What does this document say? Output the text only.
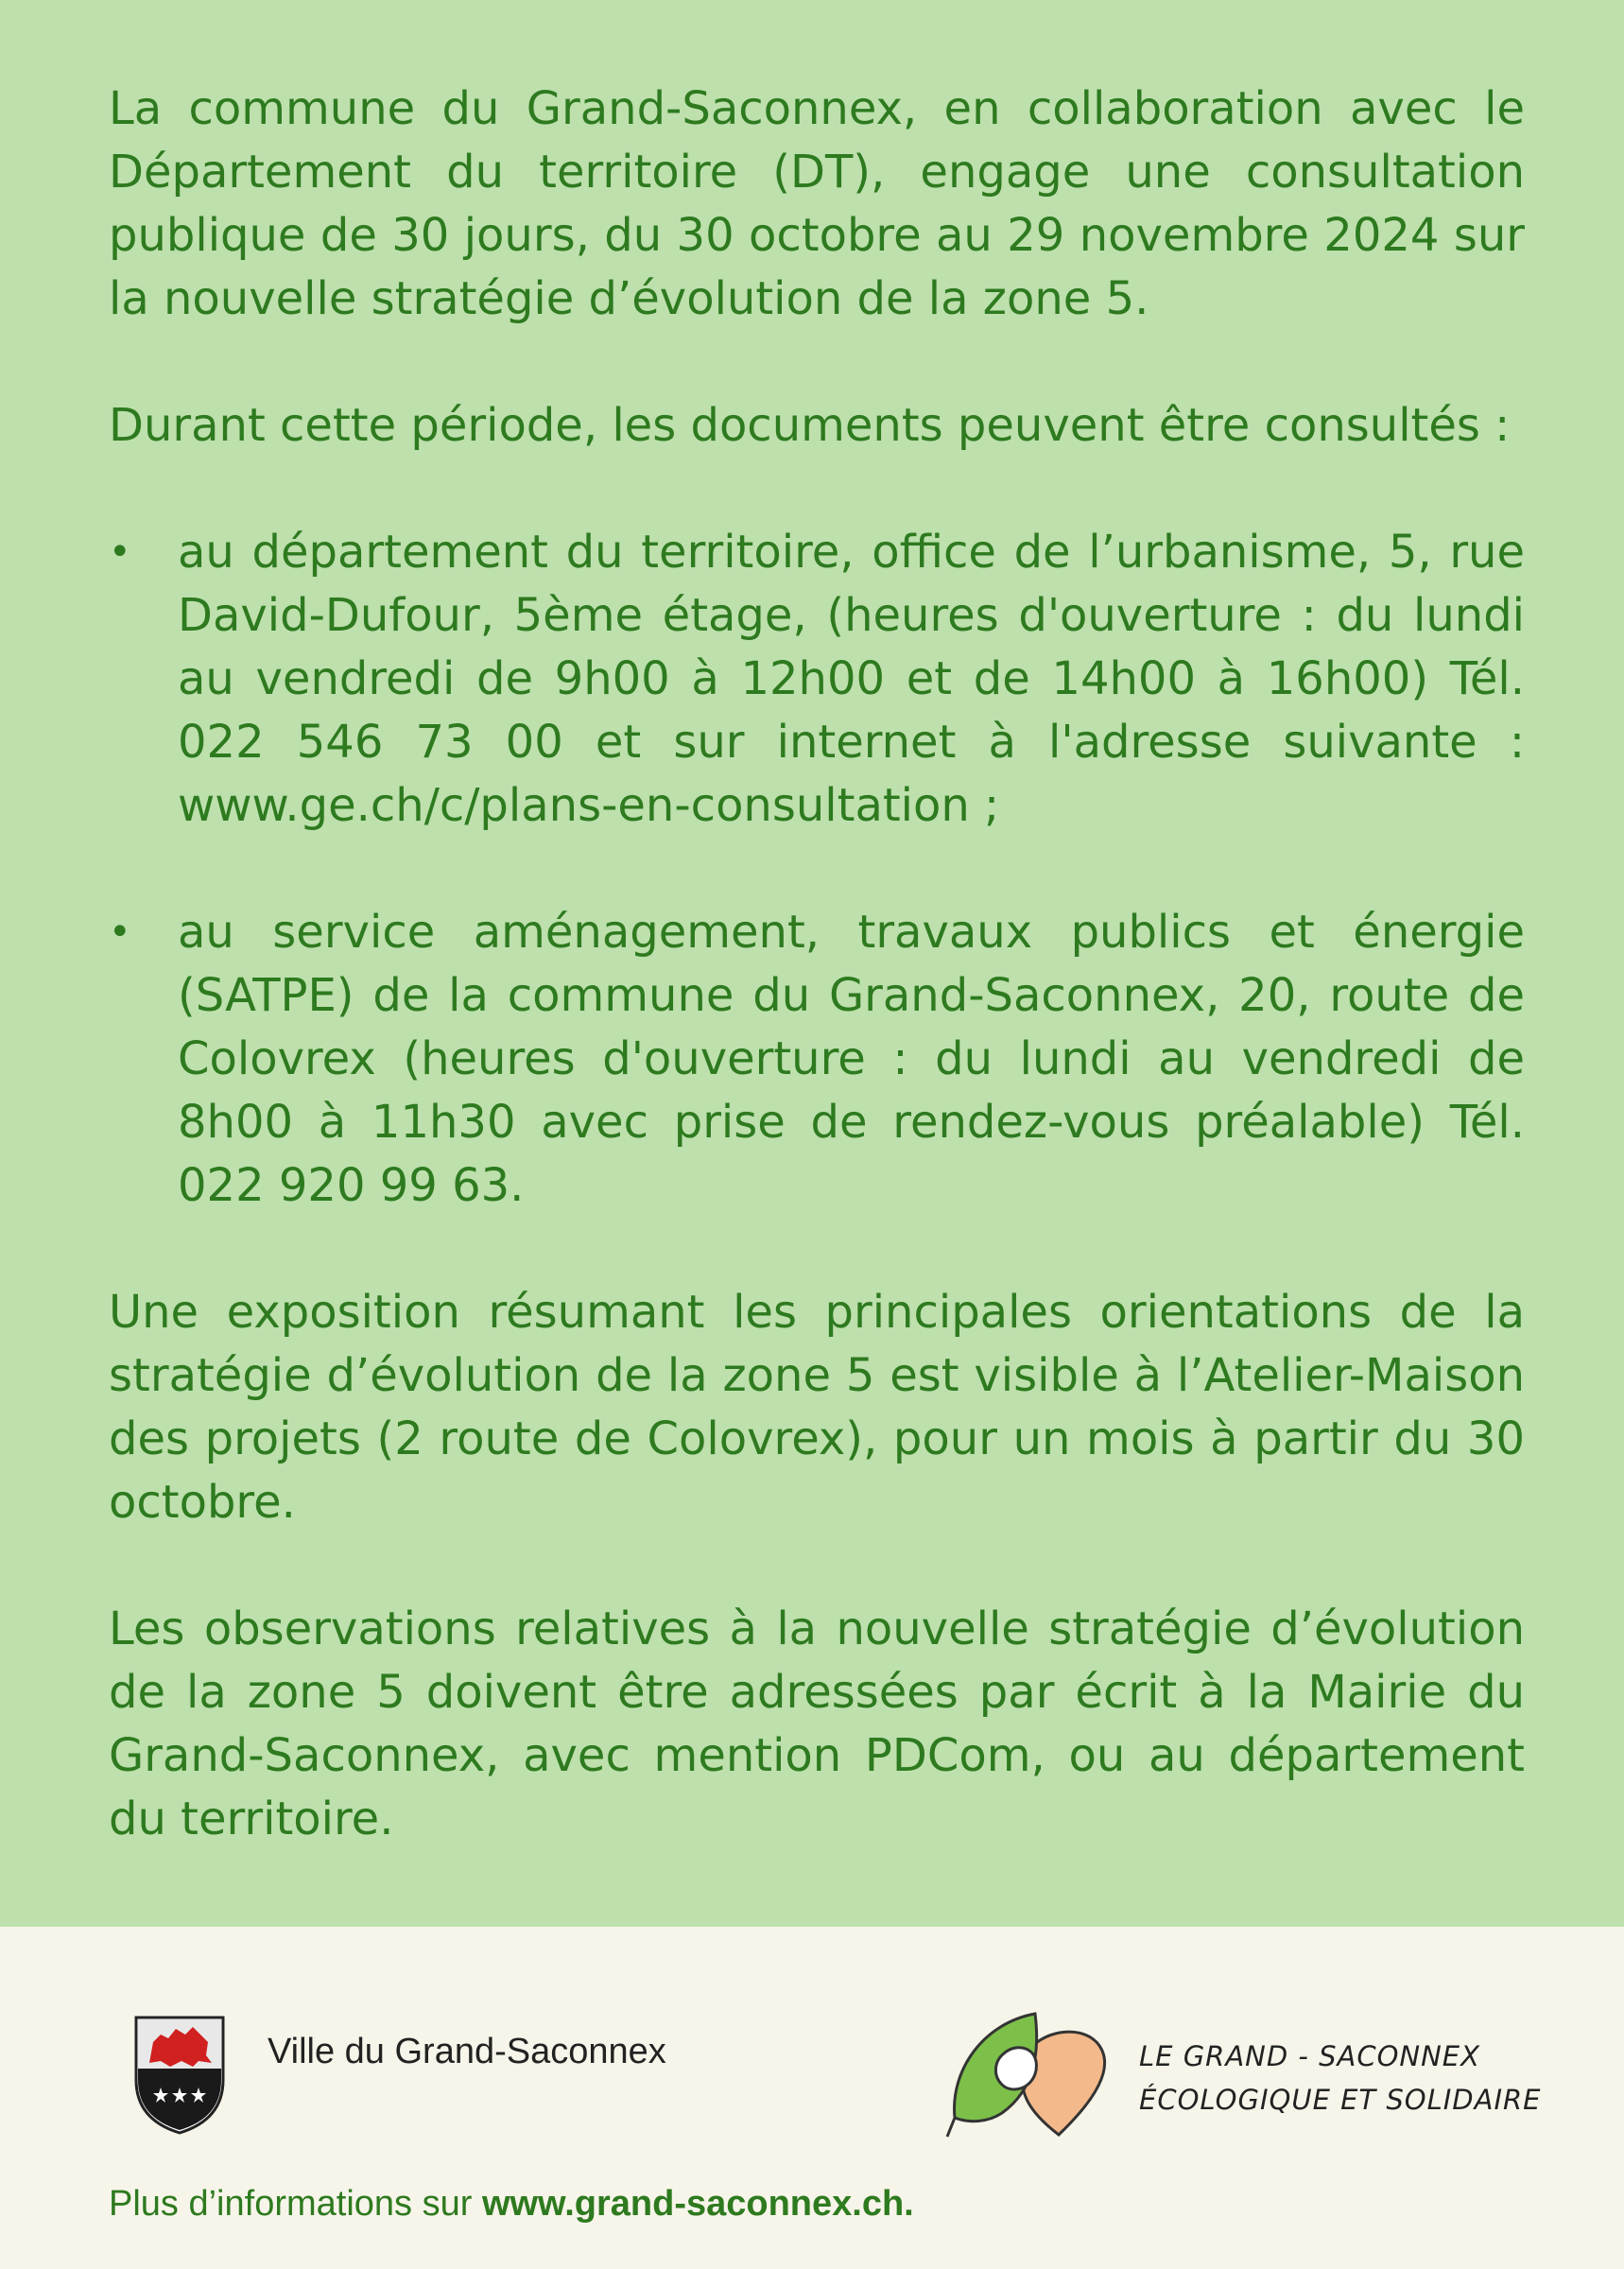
La commune du Grand-Saconnex, en collaboration avec le Département du territoire (DT), engage une consultation publique de 30 jours, du 30 octobre au 29 novembre 2024 sur la nouvelle stratégie d’évolution de la zone 5.

Durant cette période, les documents peuvent être consultés :

• au département du territoire, office de l’urbanisme, 5, rue David-Dufour, 5ème étage, (heures d'ouverture : du lundi au vendredi de 9h00 à 12h00 et de 14h00 à 16h00) Tél. 022 546 73 00 et sur internet à l'adresse suivante : www.ge.ch/c/plans-en-consultation ;

• au service aménagement, travaux publics et énergie (SATPE) de la commune du Grand-Saconnex, 20, route de Colovrex (heures d'ouverture : du lundi au vendredi de 8h00 à 11h30 avec prise de rendez-vous préalable) Tél. 022 920 99 63.

Une exposition résumant les principales orientations de la stratégie d’évolution de la zone 5 est visible à l’Atelier-Maison des projets (2 route de Colovrex), pour un mois à partir du 30 octobre.

Les observations relatives à la nouvelle stratégie d’évolution de la zone 5 doivent être adressées par écrit à la Mairie du Grand-Saconnex, avec mention PDCom, ou au département du territoire.

Ville du Grand-Saconnex	LE GRAND - SACONNEX
ÉCOLOGIQUE ET SOLIDAIRE
Plus d’informations sur www.grand-saconnex.ch.
